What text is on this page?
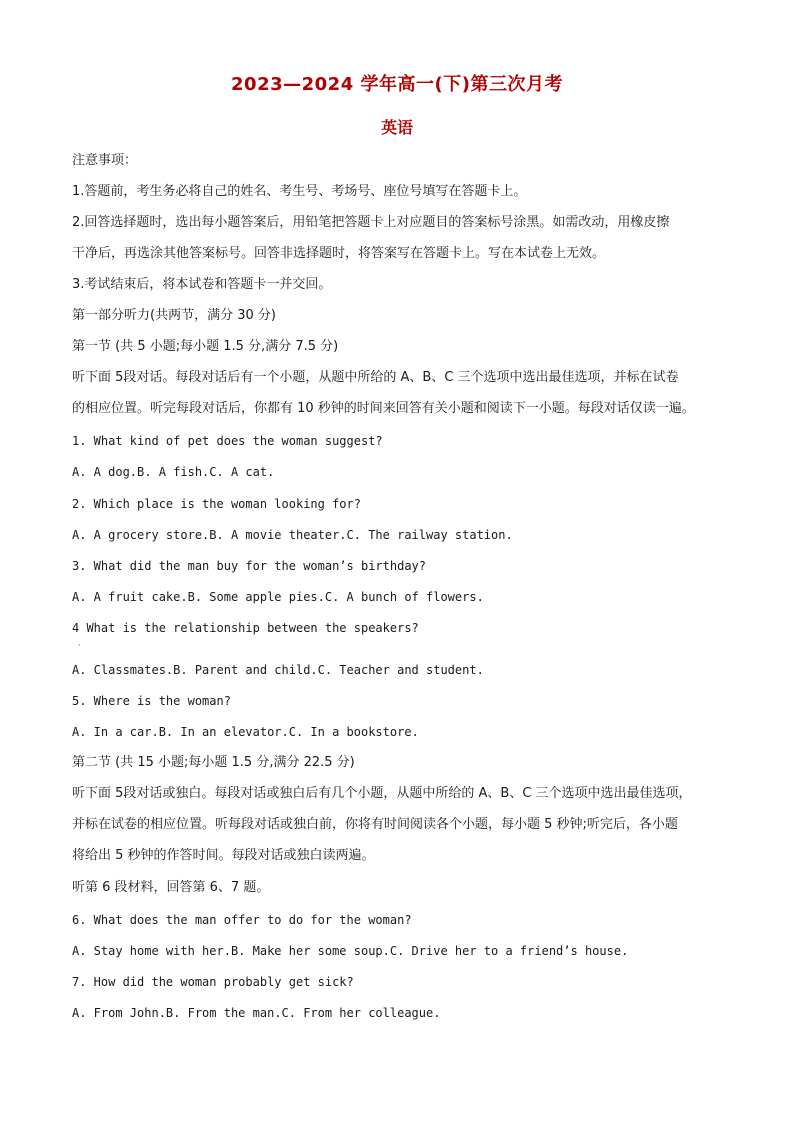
2023—2024 学年高一(下)第三次月考
英语
注意事项：
1.答题前，考生务必将自己的姓名、考生号、考场号、座位号填写在答题卡上。
2.回答选择题时，选出每小题答案后，用铅笔把答题卡上对应题目的答案标号涂黑。如需改动，用橡皮擦
干净后，再选涂其他答案标号。回答非选择题时，将答案写在答题卡上。写在本试卷上无效。
3.考试结束后，将本试卷和答题卡一并交回。
第一部分听力(共两节，满分 30 分)
第一节 (共 5 小题;每小题 1.5 分,满分 7.5 分)
听下面 5段对话。每段对话后有一个小题，从题中所给的 A、B、C 三个选项中选出最佳选项，并标在试卷
的相应位置。听完每段对话后，你都有 10 秒钟的时间来回答有关小题和阅读下一小题。每段对话仅读一遍。
1. What kind of pet does the woman suggest?
A. A dog.B. A fish.C. A cat.
2. Which place is the woman looking for?
A. A grocery store.B. A movie theater.C. The railway station.
3. What did the man buy for the woman’s birthday?
A. A fruit cake.B. Some apple pies.C. A bunch of flowers.
4 What is the relationship between the speakers?
·
A. Classmates.B. Parent and child.C. Teacher and student.
5. Where is the woman?
A. In a car.B. In an elevator.C. In a bookstore.
第二节 (共 15 小题;每小题 1.5 分,满分 22.5 分)
听下面 5段对话或独白。每段对话或独白后有几个小题，从题中所给的 A、B、C 三个选项中选出最佳选项，
并标在试卷的相应位置。听每段对话或独白前，你将有时间阅读各个小题，每小题 5 秒钟;听完后，各小题
将给出 5 秒钟的作答时间。每段对话或独白读两遍。
听第 6 段材料，回答第 6、7 题。
6. What does the man offer to do for the woman?
A. Stay home with her.B. Make her some soup.C. Drive her to a friend’s house.
7. How did the woman probably get sick?
A. From John.B. From the man.C. From her colleague.
